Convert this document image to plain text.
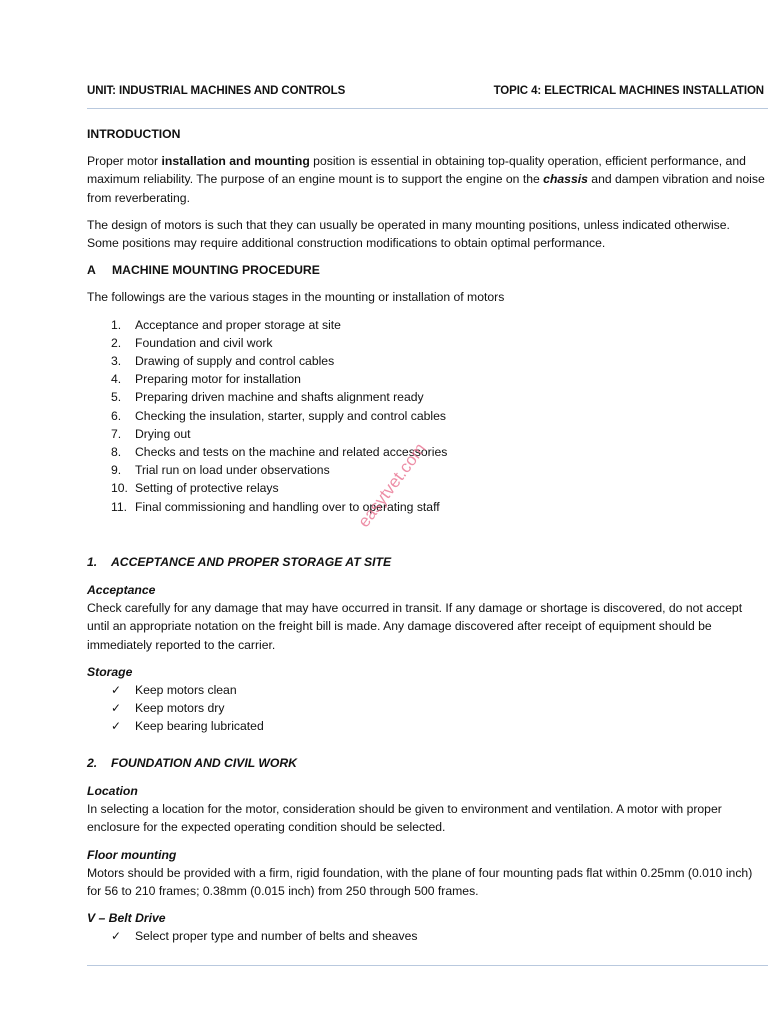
UNIT: INDUSTRIAL MACHINES AND CONTROLS	TOPIC 4: ELECTRICAL MACHINES INSTALLATION
INTRODUCTION

Proper motor installation and mounting position is essential in obtaining top-quality operation, efficient performance, and maximum reliability. The purpose of an engine mount is to support the engine on the chassis and dampen vibration and noise from reverberating.

The design of motors is such that they can usually be operated in many mounting positions, unless indicated otherwise. Some positions may require additional construction modifications to obtain optimal performance.

A MACHINE MOUNTING PROCEDURE
The followings are the various stages in the mounting or installation of motors
1. Acceptance and proper storage at site
2. Foundation and civil work
3. Drawing of supply and control cables
4. Preparing motor for installation
5. Preparing driven machine and shafts alignment ready
6. Checking the insulation, starter, supply and control cables
7. Drying out
8. Checks and tests on the machine and related accessories
9. Trial run on load under observations
10. Setting of protective relays
11. Final commissioning and handling over to operating staff
1. ACCEPTANCE AND PROPER STORAGE AT SITE
Acceptance

Check carefully for any damage that may have occurred in transit. If any damage or shortage is discovered, do not accept until an appropriate notation on the freight bill is made. Any damage discovered after receipt of equipment should be immediately reported to the carrier.

Storage
✓ Keep motors clean
✓ Keep motors dry
✓ Keep bearing lubricated
2. FOUNDATION AND CIVIL WORK
Location

In selecting a location for the motor, consideration should be given to environment and ventilation. A motor with proper enclosure for the expected operating condition should be selected.

Floor mounting

Motors should be provided with a firm, rigid foundation, with the plane of four mounting pads flat within 0.25mm (0.010 inch) for 56 to 210 frames; 0.38mm (0.015 inch) from 250 through 500 frames.

V – Belt Drive
✓ Select proper type and number of belts and sheaves
easytvet.com
